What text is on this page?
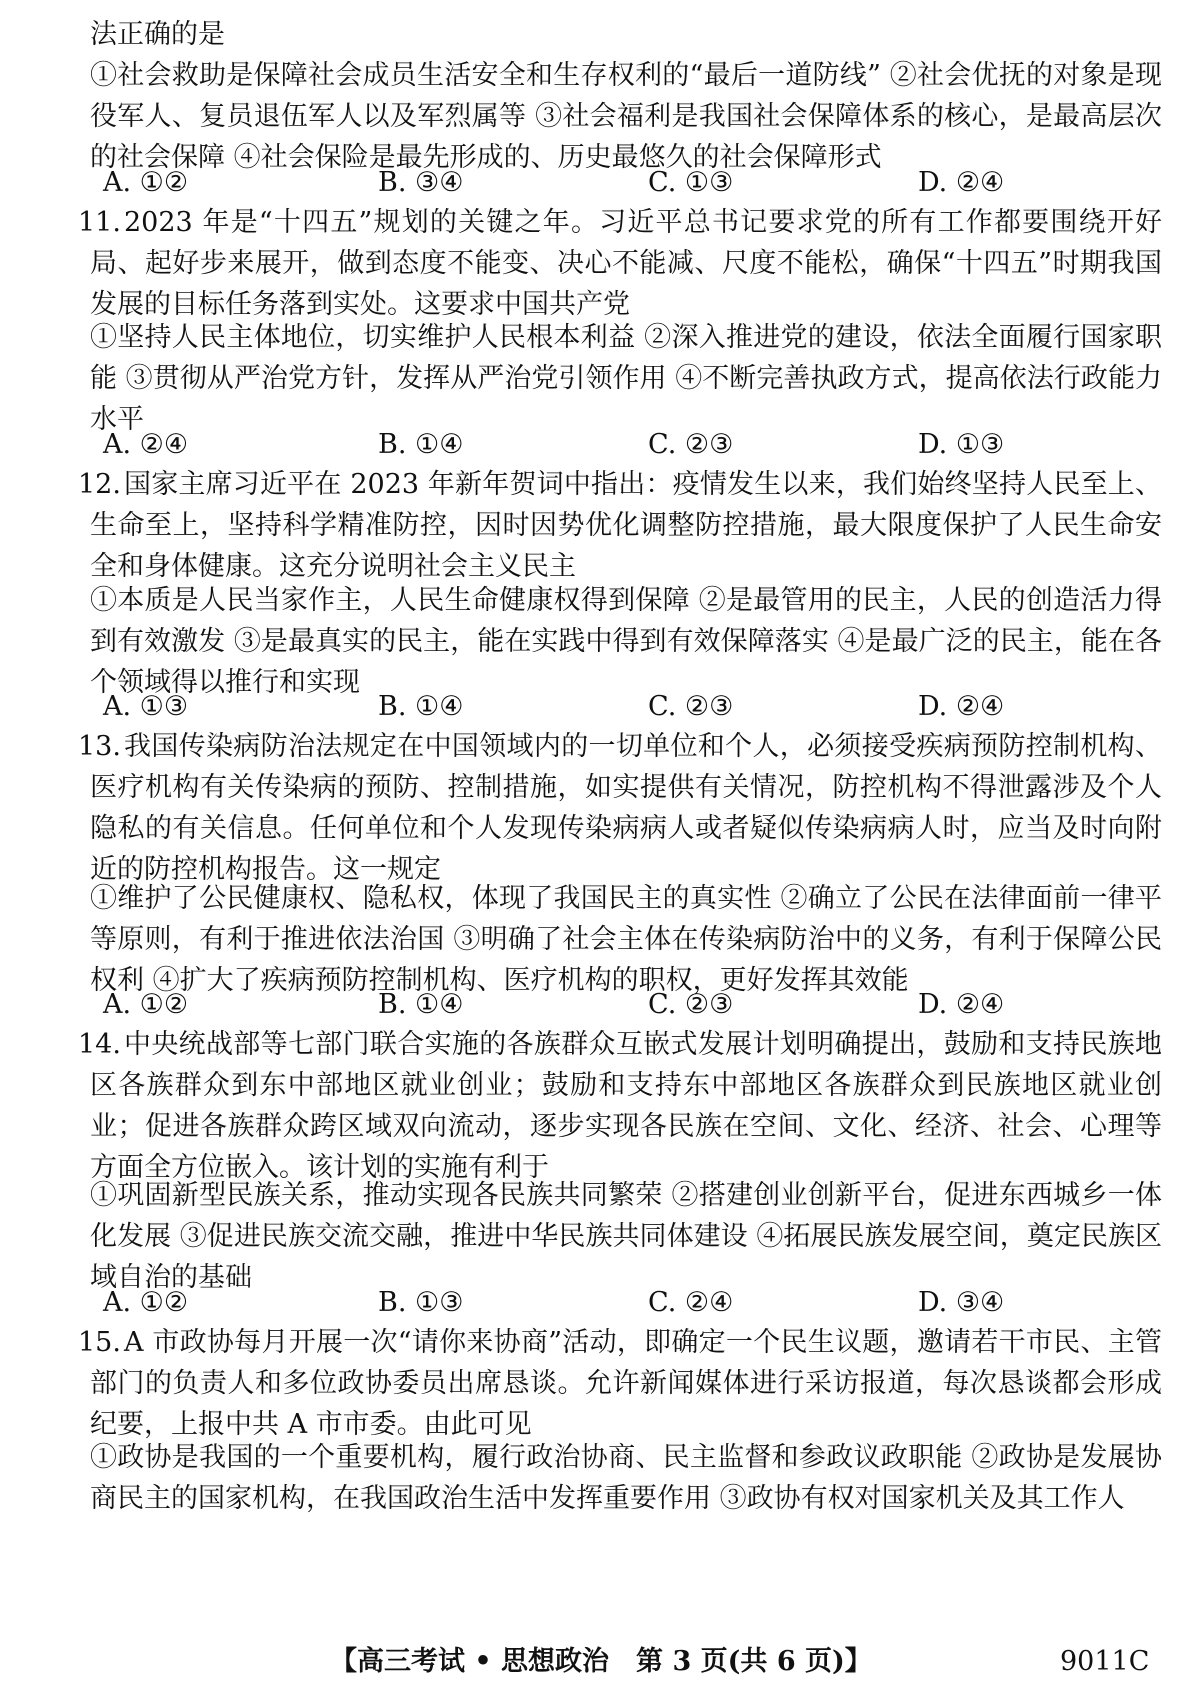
法正确的是

①社会救助是保障社会成员生活安全和生存权利的“最后一道防线” ②社会优抚的对象是现役军人、复员退伍军人以及军烈属等 ③社会福利是我国社会保障体系的核心，是最高层次的社会保障 ④社会保险是最先形成的、历史最悠久的社会保障形式

A. ①②	B. ③④	C. ①③	D. ②④
11. 2023 年是“十四五”规划的关键之年。习近平总书记要求党的所有工作都要围绕开好局、起好步来展开，做到态度不能变、决心不能减、尺度不能松，确保“十四五”时期我国发展的目标任务落到实处。这要求中国共产党

①坚持人民主体地位，切实维护人民根本利益 ②深入推进党的建设，依法全面履行国家职能 ③贯彻从严治党方针，发挥从严治党引领作用 ④不断完善执政方式，提高依法行政能力水平

A. ②④	B. ①④	C. ②③	D. ①③
12. 国家主席习近平在 2023 年新年贺词中指出：疫情发生以来，我们始终坚持人民至上、生命至上，坚持科学精准防控，因时因势优化调整防控措施，最大限度保护了人民生命安全和身体健康。这充分说明社会主义民主

①本质是人民当家作主，人民生命健康权得到保障 ②是最管用的民主，人民的创造活力得到有效激发 ③是最真实的民主，能在实践中得到有效保障落实 ④是最广泛的民主，能在各个领域得以推行和实现

A. ①③	B. ①④	C. ②③	D. ②④
13. 我国传染病防治法规定在中国领域内的一切单位和个人，必须接受疾病预防控制机构、医疗机构有关传染病的预防、控制措施，如实提供有关情况，防控机构不得泄露涉及个人隐私的有关信息。任何单位和个人发现传染病病人或者疑似传染病病人时，应当及时向附近的防控机构报告。这一规定

①维护了公民健康权、隐私权，体现了我国民主的真实性 ②确立了公民在法律面前一律平等原则，有利于推进依法治国 ③明确了社会主体在传染病防治中的义务，有利于保障公民权利 ④扩大了疾病预防控制机构、医疗机构的职权，更好发挥其效能

A. ①②	B. ①④	C. ②③	D. ②④
14. 中央统战部等七部门联合实施的各族群众互嵌式发展计划明确提出，鼓励和支持民族地区各族群众到东中部地区就业创业；鼓励和支持东中部地区各族群众到民族地区就业创业；促进各族群众跨区域双向流动，逐步实现各民族在空间、文化、经济、社会、心理等方面全方位嵌入。该计划的实施有利于

①巩固新型民族关系，推动实现各民族共同繁荣 ②搭建创业创新平台，促进东西城乡一体化发展 ③促进民族交流交融，推进中华民族共同体建设 ④拓展民族发展空间，奠定民族区域自治的基础

A. ①②	B. ①③	C. ②④	D. ③④
15. A 市政协每月开展一次“请你来协商”活动，即确定一个民生议题，邀请若干市民、主管部门的负责人和多位政协委员出席恳谈。允许新闻媒体进行采访报道，每次恳谈都会形成纪要，上报中共 A 市市委。由此可见

①政协是我国的一个重要机构，履行政治协商、民主监督和参政议政职能 ②政协是发展协商民主的国家机构，在我国政治生活中发挥重要作用 ③政协有权对国家机关及其工作人

【高三考试 • 思想政治　第 3 页(共 6 页)】	9011C
